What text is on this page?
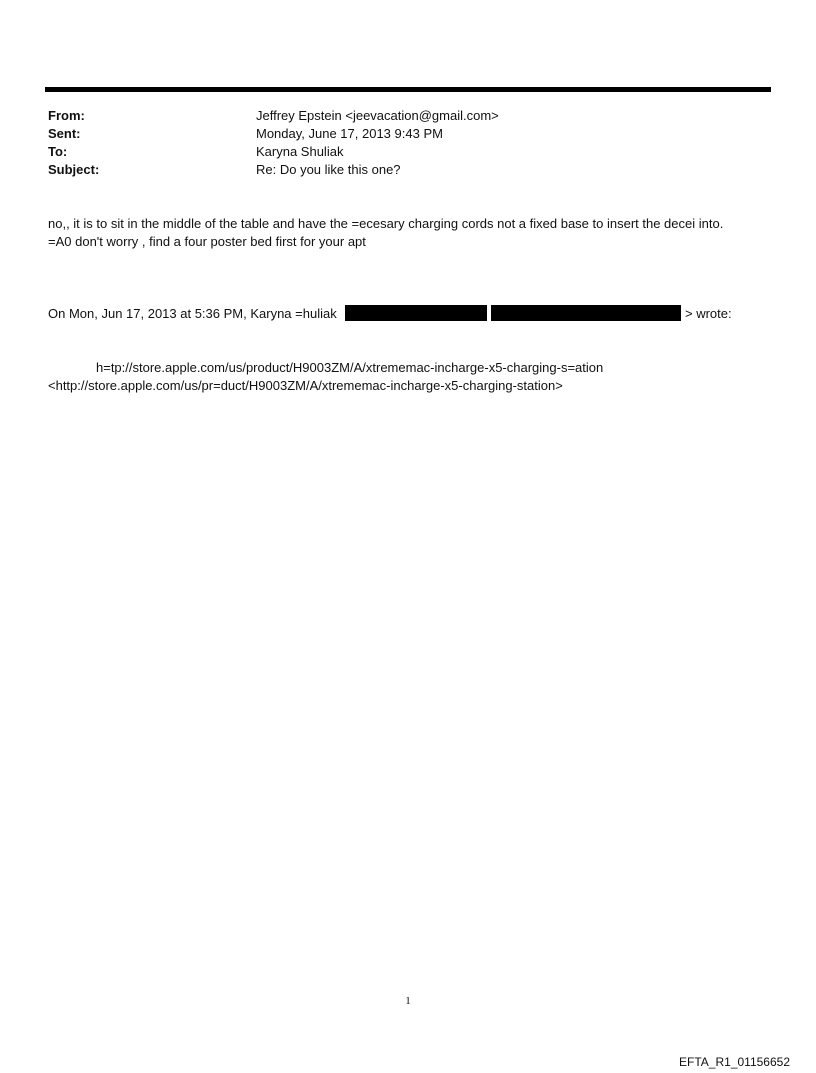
From:	Jeffrey Epstein <jeevacation@gmail.com>
Sent:	Monday, June 17, 2013 9:43 PM
To:	Karyna Shuliak
Subject:	Re: Do you like this one?
no,, it is to sit in the middle of the table and have the =ecesary charging cords not a fixed base to insert the decei into.
=A0 don't worry , find a four poster bed first for your apt
On Mon, Jun 17, 2013 at 5:36 PM, Karyna =huliak	> wrote:
h=tp://store.apple.com/us/product/H9003ZM/A/xtrememac-incharge-x5-charging-s=ation
<http://store.apple.com/us/pr=duct/H9003ZM/A/xtrememac-incharge-x5-charging-station>
1
EFTA_R1_01156652
